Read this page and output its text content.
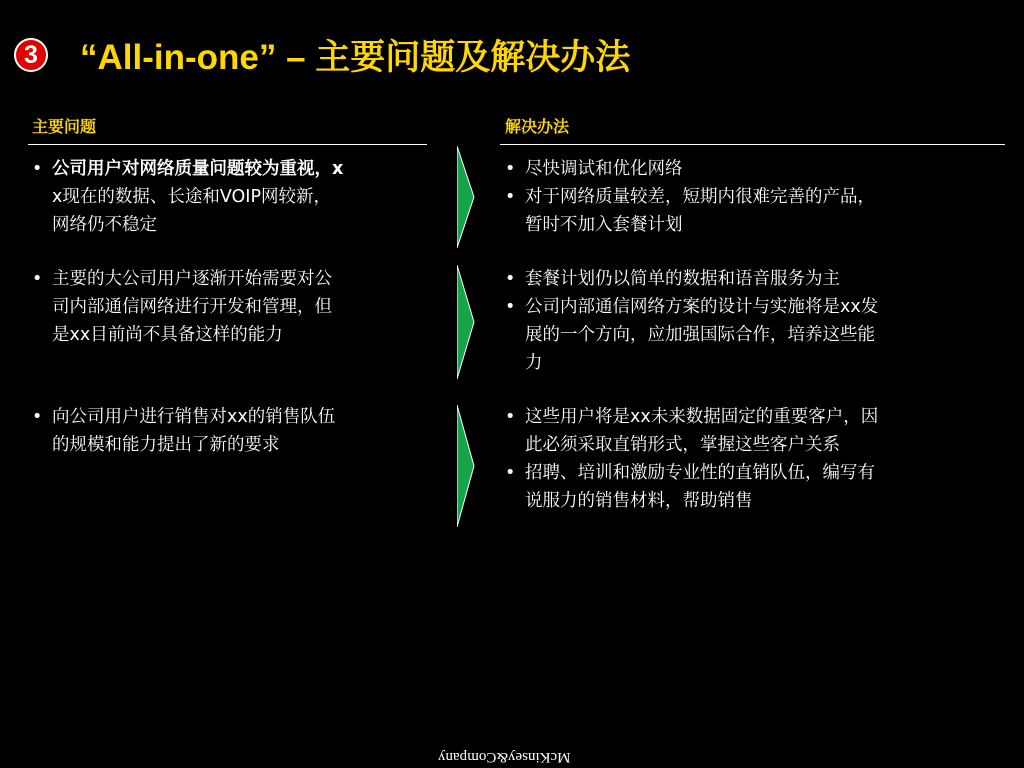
3 “All-in-one” – 主要问题及解决办法
主要问题	解决办法
• 公司用户对网络质量问题较为重视，x
x现在的数据、长途和VOIP网较新，
网络仍不稳定
• 尽快调试和优化网络
• 对于网络质量较差，短期内很难完善的产品，
暂时不加入套餐计划
• 主要的大公司用户逐渐开始需要对公
司内部通信网络进行开发和管理，但
是xx目前尚不具备这样的能力
• 套餐计划仍以简单的数据和语音服务为主
• 公司内部通信网络方案的设计与实施将是xx发
展的一个方向，应加强国际合作，培养这些能
力
• 向公司用户进行销售对xx的销售队伍
的规模和能力提出了新的要求
• 这些用户将是xx未来数据固定的重要客户，因
此必须采取直销形式，掌握这些客户关系
• 招聘、培训和激励专业性的直销队伍，编写有
说服力的销售材料，帮助销售
McKinsey&Company
